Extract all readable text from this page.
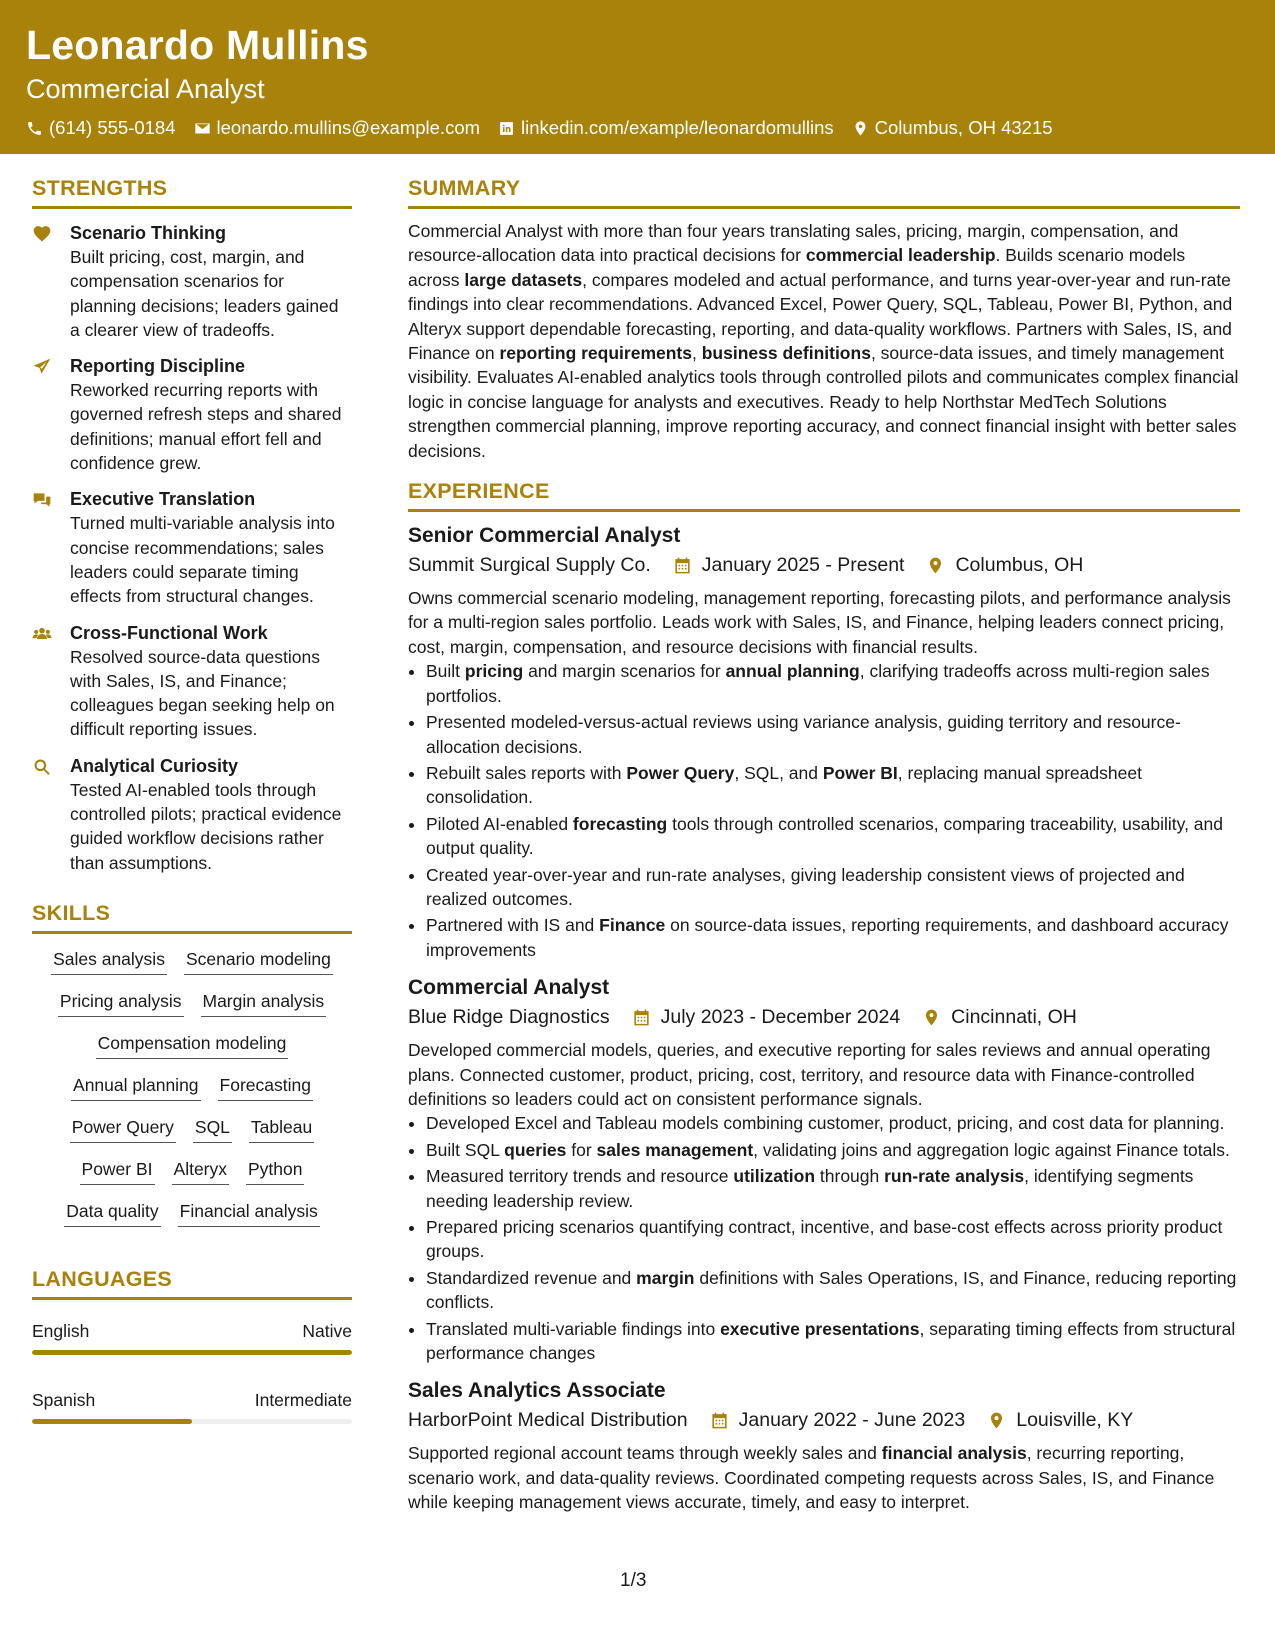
Leonardo Mullins
Commercial Analyst
(614) 555-0184 leonardo.mullins@example.com linkedin.com/example/leonardomullins Columbus, OH 43215
STRENGTHS
Scenario Thinking
Built pricing, cost, margin, and compensation scenarios for planning decisions; leaders gained a clearer view of tradeoffs.
Reporting Discipline
Reworked recurring reports with governed refresh steps and shared definitions; manual effort fell and confidence grew.
Executive Translation
Turned multi-variable analysis into concise recommendations; sales leaders could separate timing effects from structural changes.
Cross-Functional Work
Resolved source-data questions with Sales, IS, and Finance; colleagues began seeking help on difficult reporting issues.
Analytical Curiosity
Tested AI-enabled tools through controlled pilots; practical evidence guided workflow decisions rather than assumptions.
SKILLS
Sales analysis Scenario modeling
Pricing analysis Margin analysis
Compensation modeling
Annual planning Forecasting
Power Query SQL Tableau
Power BI Alteryx Python
Data quality Financial analysis
LANGUAGES
English	Native
Spanish	Intermediate
SUMMARY
Commercial Analyst with more than four years translating sales, pricing, margin, compensation, and resource-allocation data into practical decisions for commercial leadership. Builds scenario models across large datasets, compares modeled and actual performance, and turns year-over-year and run-rate findings into clear recommendations. Advanced Excel, Power Query, SQL, Tableau, Power BI, Python, and Alteryx support dependable forecasting, reporting, and data-quality workflows. Partners with Sales, IS, and Finance on reporting requirements, business definitions, source-data issues, and timely management visibility. Evaluates AI-enabled analytics tools through controlled pilots and communicates complex financial logic in concise language for analysts and executives. Ready to help Northstar MedTech Solutions strengthen commercial planning, improve reporting accuracy, and connect financial insight with better sales decisions.
EXPERIENCE
Senior Commercial Analyst
Summit Surgical Supply Co.	January 2025 - Present	Columbus, OH
Owns commercial scenario modeling, management reporting, forecasting pilots, and performance analysis for a multi-region sales portfolio. Leads work with Sales, IS, and Finance, helping leaders connect pricing, cost, margin, compensation, and resource decisions with financial results.
• Built pricing and margin scenarios for annual planning, clarifying tradeoffs across multi-region sales portfolios.
• Presented modeled-versus-actual reviews using variance analysis, guiding territory and resource-allocation decisions.
• Rebuilt sales reports with Power Query, SQL, and Power BI, replacing manual spreadsheet consolidation.
• Piloted AI-enabled forecasting tools through controlled scenarios, comparing traceability, usability, and output quality.
• Created year-over-year and run-rate analyses, giving leadership consistent views of projected and realized outcomes.
• Partnered with IS and Finance on source-data issues, reporting requirements, and dashboard accuracy improvements
Commercial Analyst
Blue Ridge Diagnostics	July 2023 - December 2024	Cincinnati, OH
Developed commercial models, queries, and executive reporting for sales reviews and annual operating plans. Connected customer, product, pricing, cost, territory, and resource data with Finance-controlled definitions so leaders could act on consistent performance signals.
• Developed Excel and Tableau models combining customer, product, pricing, and cost data for planning.
• Built SQL queries for sales management, validating joins and aggregation logic against Finance totals.
• Measured territory trends and resource utilization through run-rate analysis, identifying segments needing leadership review.
• Prepared pricing scenarios quantifying contract, incentive, and base-cost effects across priority product groups.
• Standardized revenue and margin definitions with Sales Operations, IS, and Finance, reducing reporting conflicts.
• Translated multi-variable findings into executive presentations, separating timing effects from structural performance changes
Sales Analytics Associate
HarborPoint Medical Distribution	January 2022 - June 2023	Louisville, KY
Supported regional account teams through weekly sales and financial analysis, recurring reporting, scenario work, and data-quality reviews. Coordinated competing requests across Sales, IS, and Finance while keeping management views accurate, timely, and easy to interpret.
1/3
